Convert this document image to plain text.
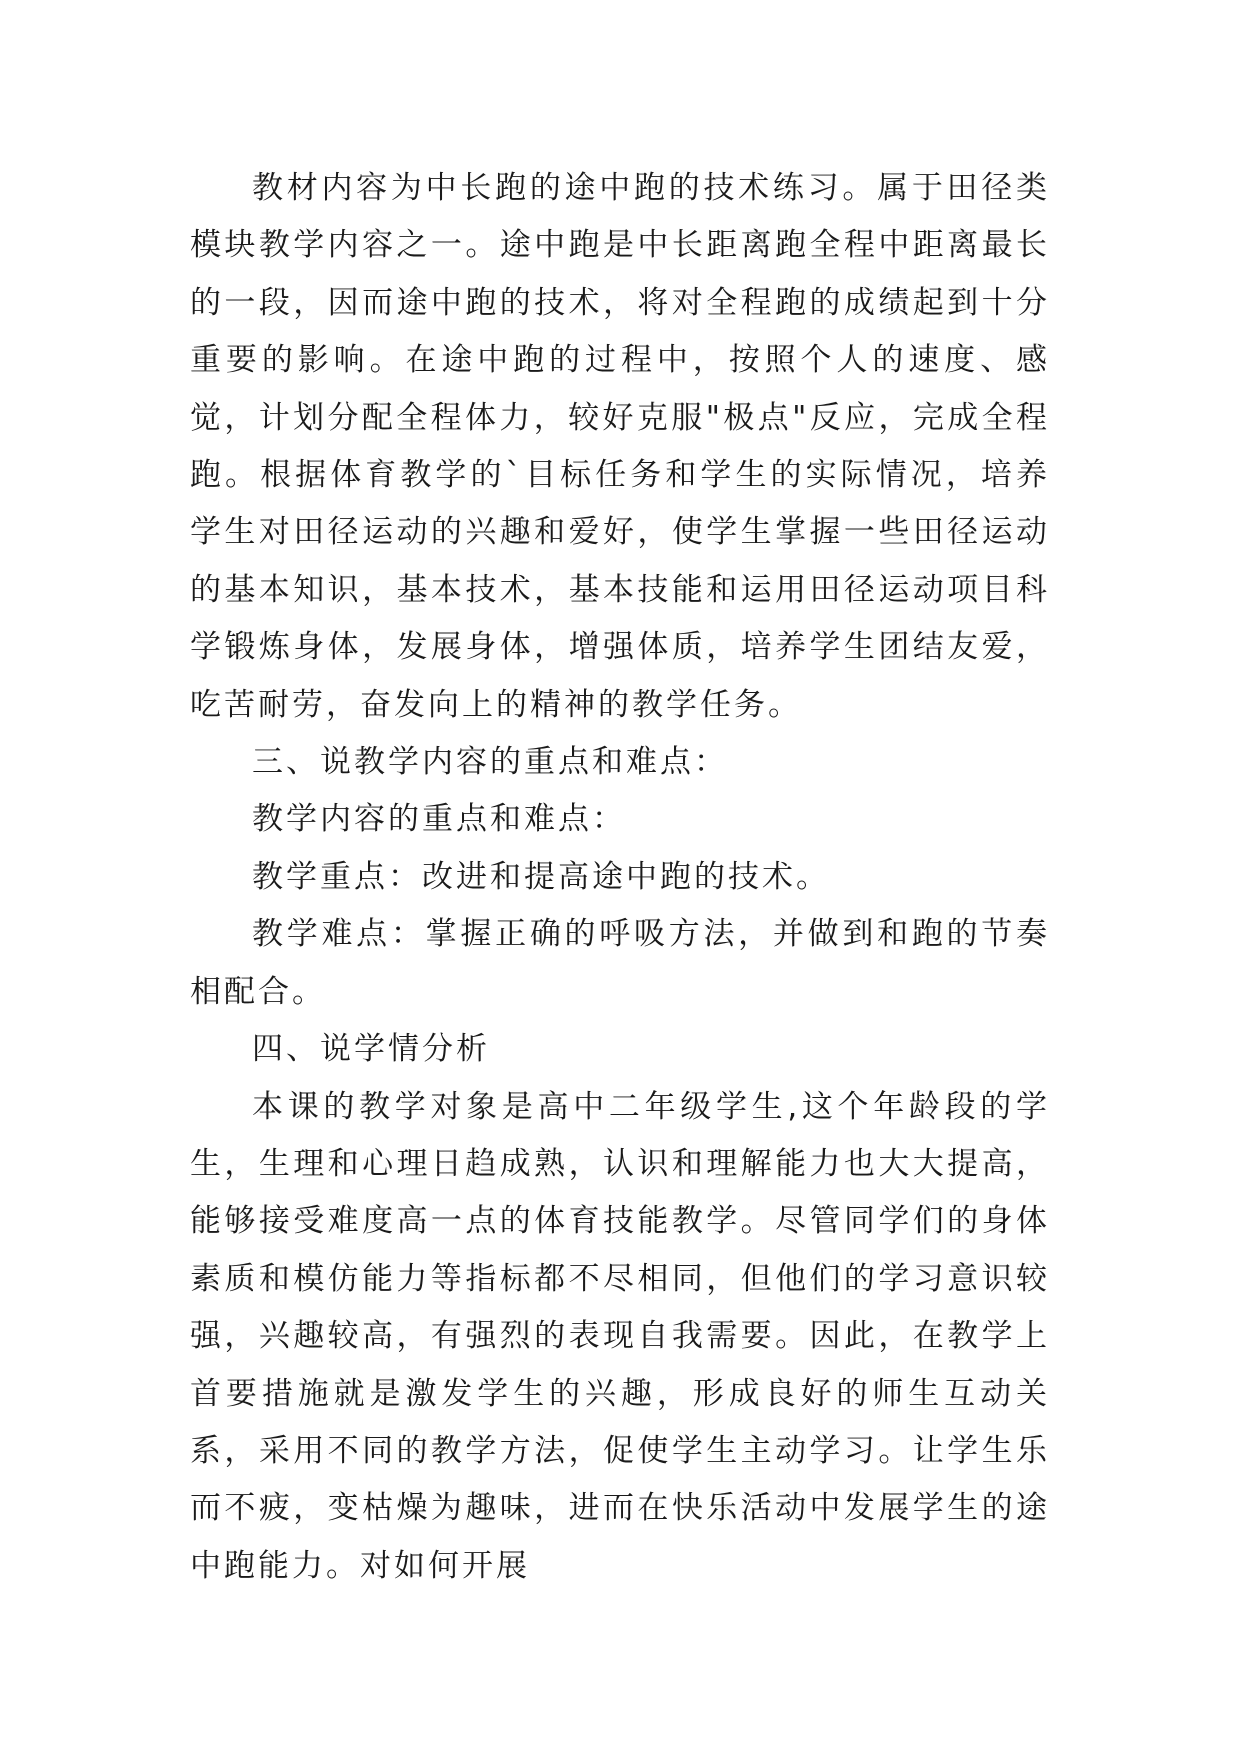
教材内容为中长跑的途中跑的技术练习。属于田径类模块教学内容之一。途中跑是中长距离跑全程中距离最长的一段，因而途中跑的技术，将对全程跑的成绩起到十分重要的影响。在途中跑的过程中，按照个人的速度、感觉，计划分配全程体力，较好克服"极点"反应，完成全程跑。根据体育教学的`目标任务和学生的实际情况，培养学生对田径运动的兴趣和爱好，使学生掌握一些田径运动的基本知识，基本技术，基本技能和运用田径运动项目科学锻炼身体，发展身体，增强体质，培养学生团结友爱，吃苦耐劳，奋发向上的精神的教学任务。

三、说教学内容的重点和难点：

教学内容的重点和难点：

教学重点：改进和提高途中跑的技术。

教学难点：掌握正确的呼吸方法，并做到和跑的节奏相配合。

四、说学情分析

本课的教学对象是高中二年级学生,这个年龄段的学生，生理和心理日趋成熟，认识和理解能力也大大提高，能够接受难度高一点的体育技能教学。尽管同学们的身体素质和模仿能力等指标都不尽相同，但他们的学习意识较强，兴趣较高，有强烈的表现自我需要。因此，在教学上首要措施就是激发学生的兴趣，形成良好的师生互动关系，采用不同的教学方法，促使学生主动学习。让学生乐而不疲，变枯燥为趣味，进而在快乐活动中发展学生的途中跑能力。对如何开展
